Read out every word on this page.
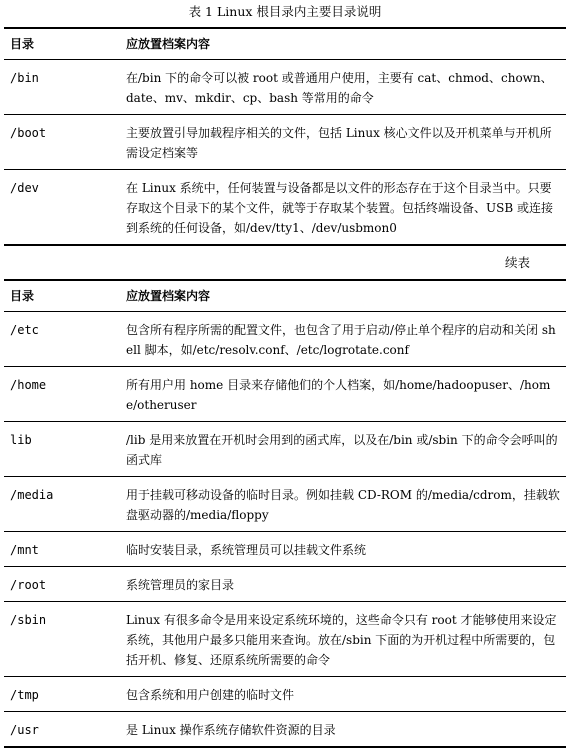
表 1 Linux 根目录内主要目录说明
目录	应放置档案内容
/bin	在/bin 下的命令可以被 root 或普通用户使用，主要有 cat、chmod、chown、date、mv、mkdir、cp、bash 等常用的命令
/boot	主要放置引导加载程序相关的文件，包括 Linux 核心文件以及开机菜单与开机所需设定档案等
/dev	在 Linux 系统中，任何装置与设备都是以文件的形态存在于这个目录当中。只要存取这个目录下的某个文件，就等于存取某个装置。包括终端设备、USB 或连接到系统的任何设备，如/dev/tty1、/dev/usbmon0
续表
目录	应放置档案内容
/etc	包含所有程序所需的配置文件，也包含了用于启动/停止单个程序的启动和关闭 shell 脚本，如/etc/resolv.conf、/etc/logrotate.conf
/home	所有用户用 home 目录来存储他们的个人档案，如/home/hadoopuser、/home/otheruser
lib	/lib 是用来放置在开机时会用到的函式库，以及在/bin 或/sbin 下的命令会呼叫的函式库
/media	用于挂载可移动设备的临时目录。例如挂载 CD-ROM 的/media/cdrom，挂载软盘驱动器的/media/floppy
/mnt	临时安装目录，系统管理员可以挂载文件系统
/root	系统管理员的家目录
/sbin	Linux 有很多命令是用来设定系统环境的，这些命令只有 root 才能够使用来设定系统，其他用户最多只能用来查询。放在/sbin 下面的为开机过程中所需要的，包括开机、修复、还原系统所需要的命令
/tmp	包含系统和用户创建的临时文件
/usr	是 Linux 操作系统存储软件资源的目录
